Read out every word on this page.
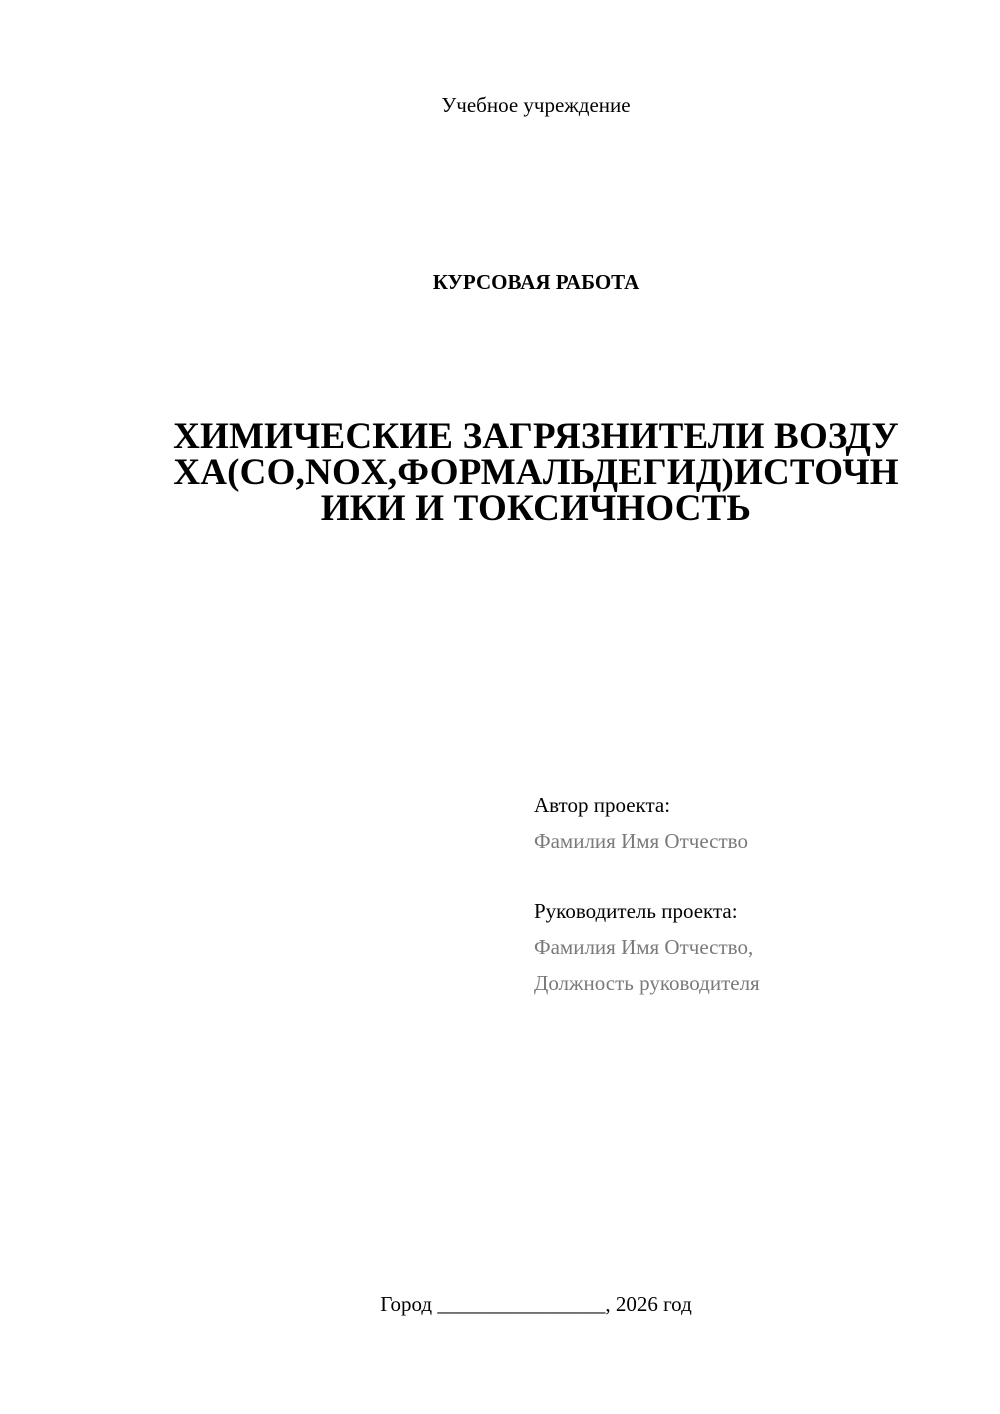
Учебное учреждение
КУРСОВАЯ РАБОТА
ХИМИЧЕСКИЕ ЗАГРЯЗНИТЕЛИ ВОЗДУ
ХА(CO,NOX,ФОРМАЛЬДЕГИД)ИСТОЧН
ИКИ И ТОКСИЧНОСТЬ
Автор проекта:
Фамилия Имя Отчество
Руководитель проекта:
Фамилия Имя Отчество,
Должность руководителя
Город ________________, 2026 год
